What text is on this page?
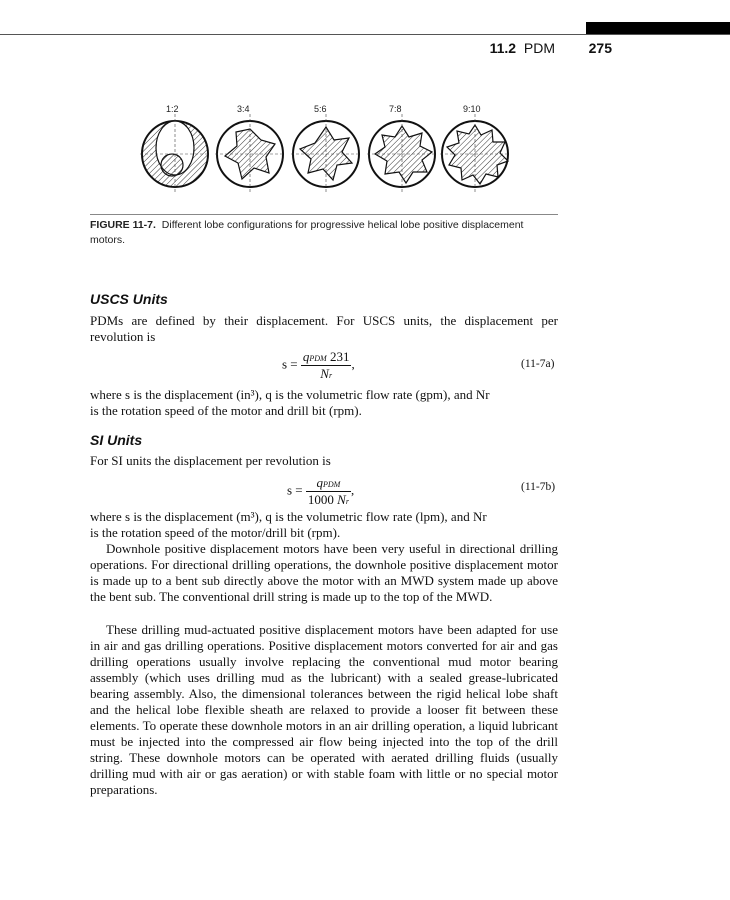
11.2 PDM 275
1:2	3:4	5:6	7:8	9:10
FIGURE 11-7. Different lobe configurations for progressive helical lobe positive displacement motors.
USCS Units
PDMs are defined by their displacement. For USCS units, the displacement per revolution is
$s = \frac{\text{qPDM 231}}{Nr}$ ,	(11-7a)
where s is the displacement (in³), q is the volumetric flow rate (gpm), and Nr
is the rotation speed of the motor and drill bit (rpm).
SI Units
For SI units the displacement per revolution is
$s = \frac{\text{qPDM}}{1000 Nr}$ ,	(11-7b)
where s is the displacement (m³), q is the volumetric flow rate (lpm), and Nr
is the rotation speed of the motor/drill bit (rpm).
Downhole positive displacement motors have been very useful in directional drilling operations. For directional drilling operations, the downhole positive displacement motor is made up to a bent sub directly above the motor with an MWD system made up above the bent sub. The conventional drill string is made up to the top of the MWD.
These drilling mud-actuated positive displacement motors have been adapted for use in air and gas drilling operations. Positive displacement motors converted for air and gas drilling operations usually involve replacing the conventional mud motor bearing assembly (which uses drilling mud as the lubricant) with a sealed grease-lubricated bearing assembly. Also, the dimensional tolerances between the rigid helical lobe shaft and the helical lobe flexible sheath are relaxed to provide a looser fit between these elements. To operate these downhole motors in an air drilling operation, a liquid lubricant must be injected into the compressed air flow being injected into the top of the drill string. These downhole motors can be operated with aerated drilling fluids (usually drilling mud with air or gas aeration) or with stable foam with little or no special motor preparations.
